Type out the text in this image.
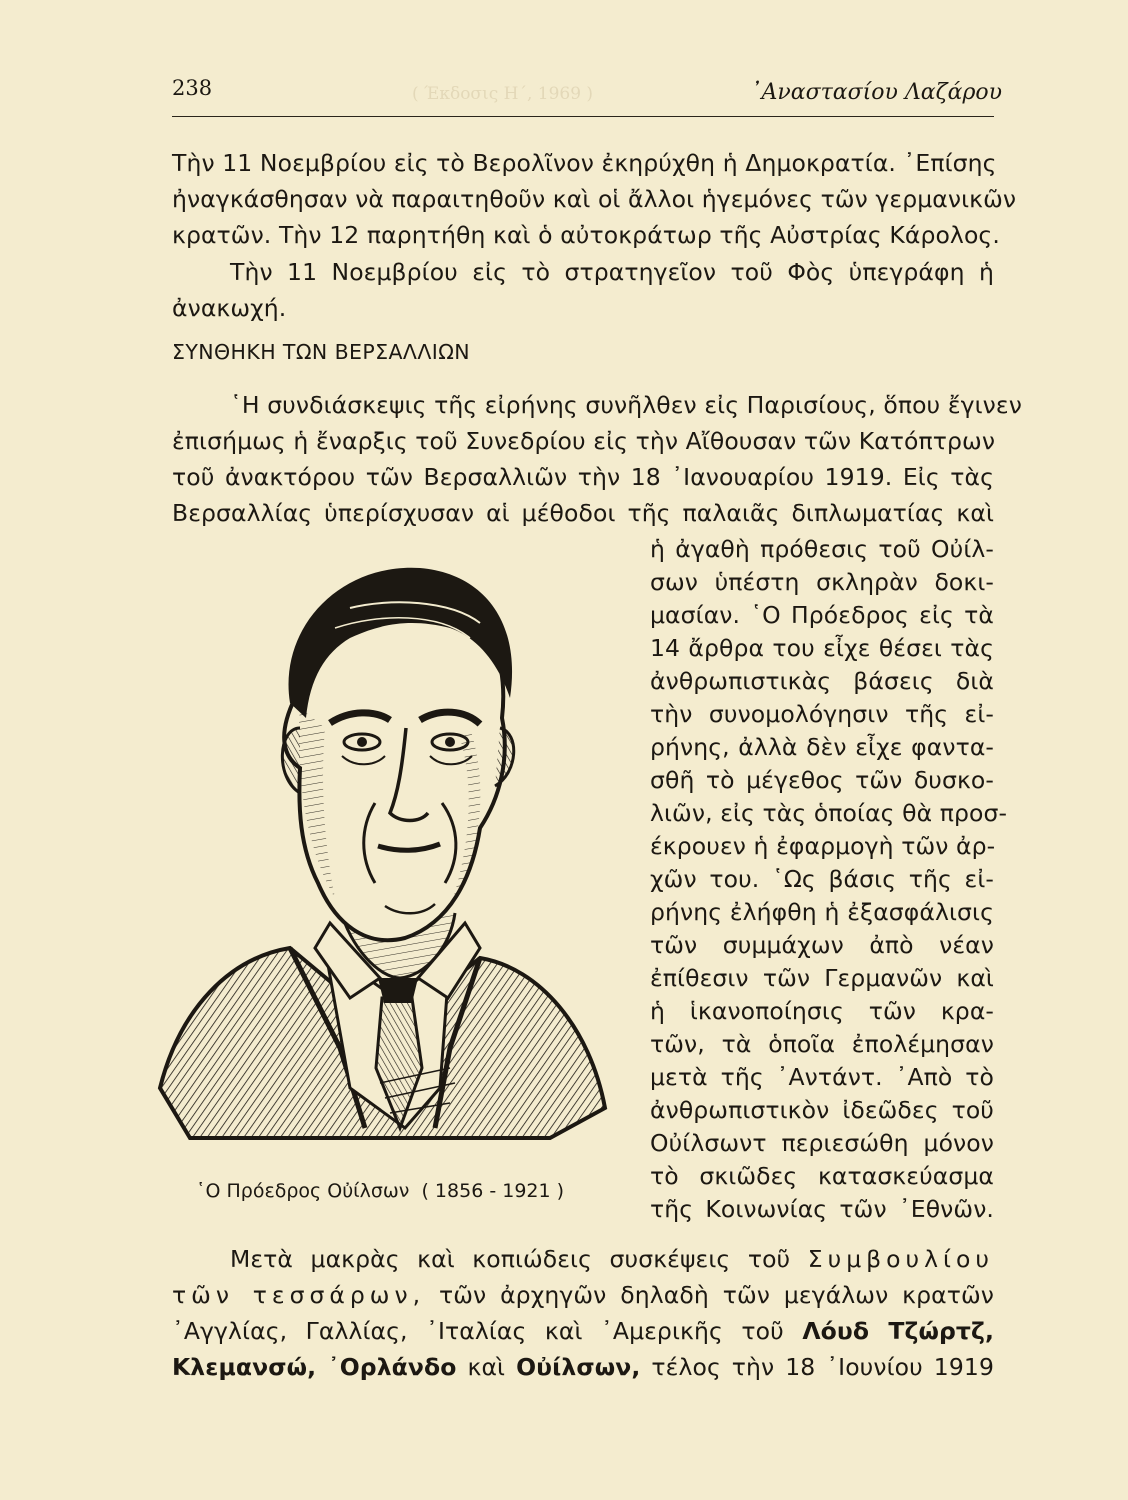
238	( Έκδοσις Η΄, 1969 )	᾿Αναστασίου Λαζάρου
Τὴν 11 Νοεμβρίου εἰς τὸ Βερολῖνον ἐκηρύχθη ἡ Δημοκρατία. ᾿Επίσης
ἠναγκάσθησαν νὰ παραιτηθοῦν καὶ οἱ ἄλλοι ἡγεμόνες τῶν γερμανικῶν
κρατῶν. Τὴν 12 παρητήθη καὶ ὁ αὐτοκράτωρ τῆς Αὐστρίας Κάρολος.
Τὴν 11 Νοεμβρίου εἰς τὸ στρατηγεῖον τοῦ Φὸς ὑπεγράφη ἡ
ἀνακωχή.
ΣΥΝΘΗΚΗ ΤΩΝ ΒΕΡΣΑΛΛΙΩΝ
῾Η συνδιάσκεψις τῆς εἰρήνης συνῆλθεν εἰς Παρισίους, ὅπου ἔγινεν
ἐπισήμως ἡ ἔναρξις τοῦ Συνεδρίου εἰς τὴν Αἴθουσαν τῶν Κατόπτρων
τοῦ ἀνακτόρου τῶν Βερσαλλιῶν τὴν 18 ᾿Ιανουαρίου 1919. Εἰς τὰς
Βερσαλλίας ὑπερίσχυσαν αἱ μέθοδοι τῆς παλαιᾶς διπλωματίας καὶ
ἡ ἀγαθὴ πρόθεσις τοῦ Οὐίλ-
σων ὑπέστη σκληρὰν δοκι-
μασίαν. ῾Ο Πρόεδρος εἰς τὰ
14 ἄρθρα του εἶχε θέσει τὰς
ἀνθρωπιστικὰς βάσεις διὰ
τὴν συνομολόγησιν τῆς εἰ-
ρήνης, ἀλλὰ δὲν εἶχε φαντα-
σθῆ τὸ μέγεθος τῶν δυσκο-
λιῶν, εἰς τὰς ὁποίας θὰ προσ-
έκρουεν ἡ ἐφαρμογὴ τῶν ἀρ-
χῶν του. ῾Ως βάσις τῆς εἰ-
ρήνης ἐλήφθη ἡ ἐξασφάλισις
τῶν συμμάχων ἀπὸ νέαν
ἐπίθεσιν τῶν Γερμανῶν καὶ
ἡ ἱκανοποίησις τῶν κρα-
τῶν, τὰ ὁποῖα ἐπολέμησαν
μετὰ τῆς ᾿Αντάντ. ᾿Απὸ τὸ
ἀνθρωπιστικὸν ἰδεῶδες τοῦ
Οὐίλσωντ περιεσώθη μόνον
τὸ σκιῶδες κατασκεύασμα
τῆς Κοινωνίας τῶν ᾿Εθνῶν.
῾Ο Πρόεδρος Οὐίλσων ( 1856 - 1921 )
Μετὰ μακρὰς καὶ κοπιώδεις συσκέψεις τοῦ Συμβουλίου
τῶν τεσσάρων, τῶν ἀρχηγῶν δηλαδὴ τῶν μεγάλων κρατῶν
᾿Αγγλίας, Γαλλίας, ᾿Ιταλίας καὶ ᾿Αμερικῆς τοῦ Λόυδ Τζώρτζ,
Κλεμανσώ, ᾿Ορλάνδο καὶ Οὐίλσων, τέλος τὴν 18 ᾿Ιουνίου 1919
